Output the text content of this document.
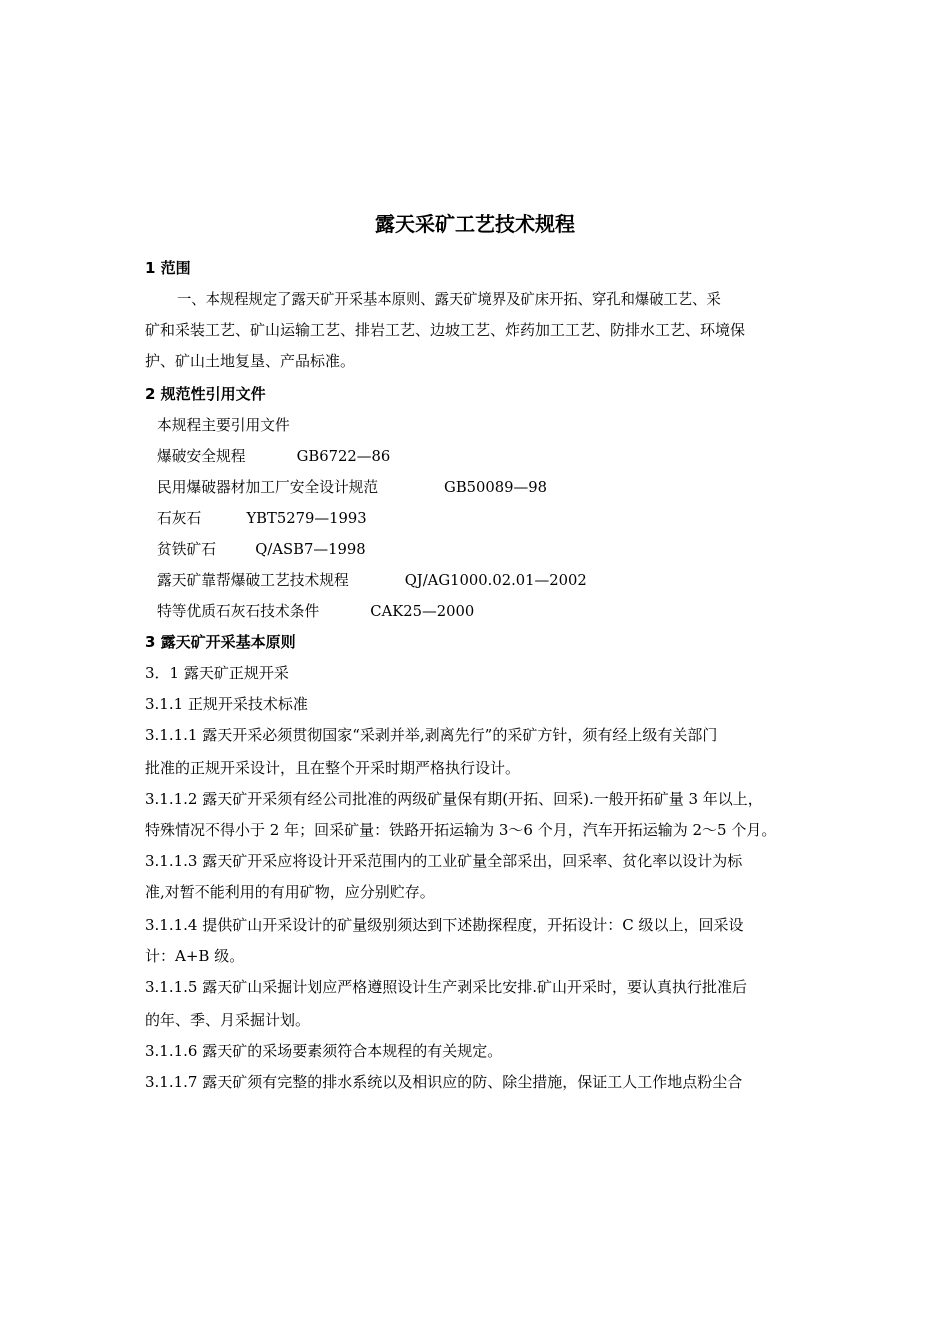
露天采矿工艺技术规程
1 范围
一、本规程规定了露天矿开采基本原则、露天矿境界及矿床开拓、穿孔和爆破工艺、采
矿和采装工艺、矿山运输工艺、排岩工艺、边坡工艺、炸药加工工艺、防排水工艺、环境保
护、矿山土地复垦、产品标准。
2 规范性引用文件
本规程主要引用文件
爆破安全规程	GB6722—86
民用爆破器材加工厂安全设计规范	GB50089—98
石灰石	YBT5279—1993
贫铁矿石	Q/ASB7—1998
露天矿靠帮爆破工艺技术规程	QJ/AG1000.02.01—2002
特等优质石灰石技术条件	CAK25—2000
3 露天矿开采基本原则
3．1 露天矿正规开采
3.1.1 正规开采技术标准
3.1.1.1 露天开采必须贯彻国家“采剥并举,剥离先行”的采矿方针，须有经上级有关部门
批准的正规开采设计，且在整个开采时期严格执行设计。
3.1.1.2 露天矿开采须有经公司批准的两级矿量保有期(开拓、回采).一般开拓矿量 3 年以上，
特殊情况不得小于 2 年；回采矿量：铁路开拓运输为 3～6 个月，汽车开拓运输为 2～5 个月。
3.1.1.3 露天矿开采应将设计开采范围内的工业矿量全部采出，回采率、贫化率以设计为标
准,对暂不能利用的有用矿物，应分别贮存。
3.1.1.4 提供矿山开采设计的矿量级别须达到下述勘探程度，开拓设计：C 级以上，回采设
计：A+B 级。
3.1.1.5 露天矿山采掘计划应严格遵照设计生产剥采比安排.矿山开采时，要认真执行批准后
的年、季、月采掘计划。
3.1.1.6 露天矿的采场要素须符合本规程的有关规定。
3.1.1.7 露天矿须有完整的排水系统以及相识应的防、除尘措施，保证工人工作地点粉尘合
